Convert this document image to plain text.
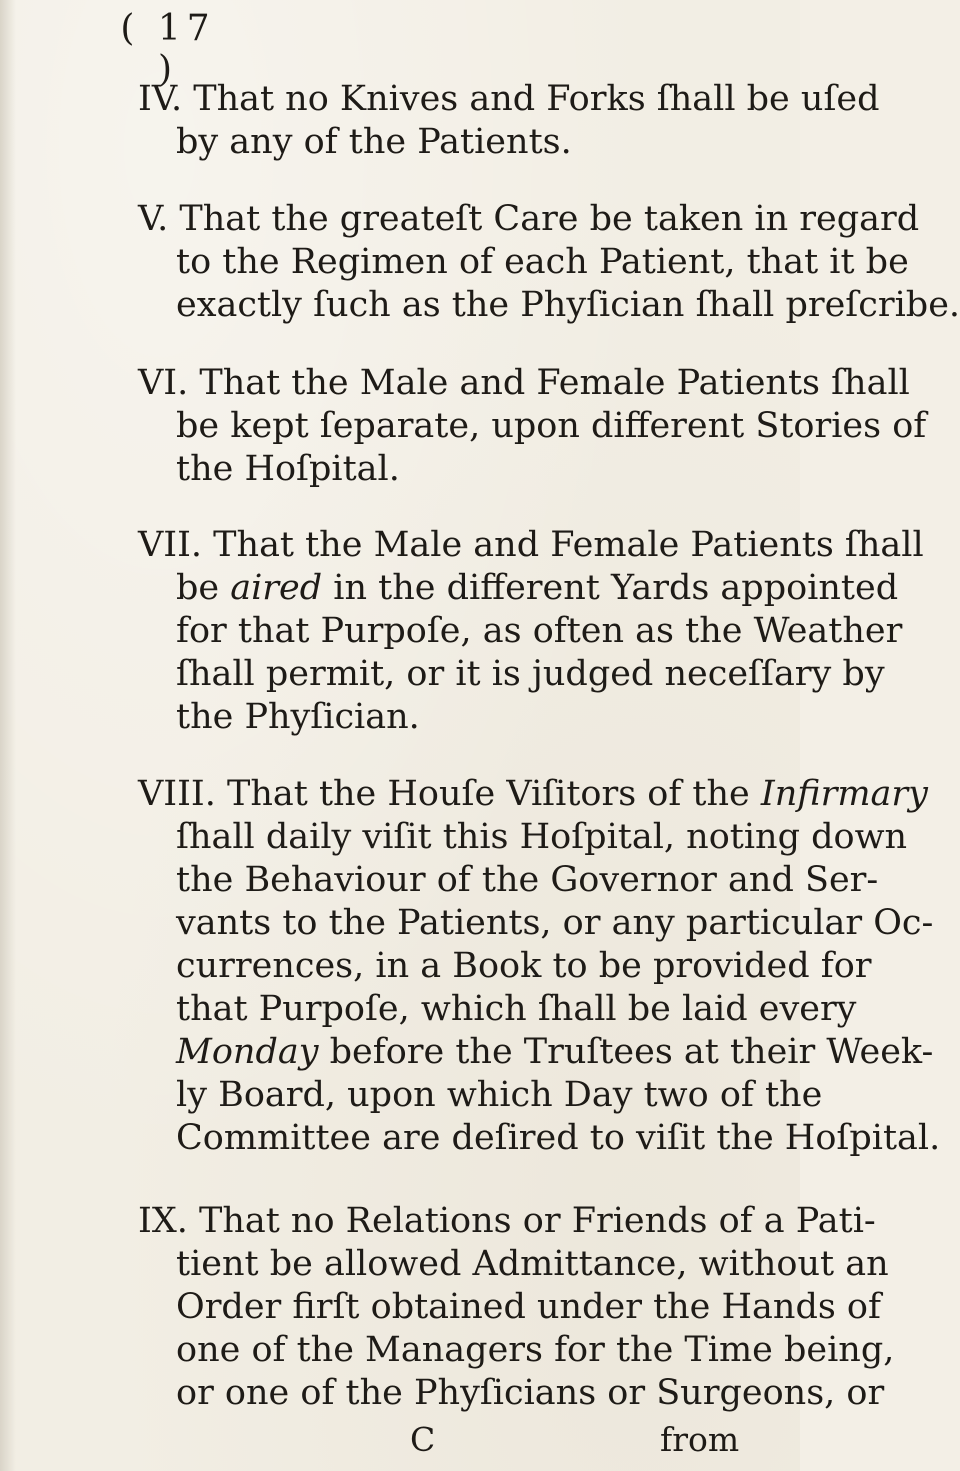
( 17 )

IV. That no Knives and Forks ſhall be uſed
by any of the Patients.

V. That the greateſt Care be taken in regard
to the Regimen of each Patient, that it be
exactly ſuch as the Phyſician ſhall preſcribe.

VI. That the Male and Female Patients ſhall
be kept ſeparate, upon different Stories of
the Hoſpital.

VII. That the Male and Female Patients ſhall
be aired in the different Yards appointed
for that Purpoſe, as often as the Weather
ſhall permit, or it is judged neceſſary by
the Phyſician.

VIII. That the Houſe Viſitors of the Infirmary
ſhall daily viſit this Hoſpital, noting down
the Behaviour of the Governor and Ser-
vants to the Patients, or any particular Oc-
currences, in a Book to be provided for
that Purpoſe, which ſhall be laid every
Monday before the Truſtees at their Week-
ly Board, upon which Day two of the
Committee are deſired to viſit the Hoſpital.

IX. That no Relations or Friends of a Pati-
tient be allowed Admittance, without an
Order firſt obtained under the Hands of
one of the Managers for the Time being,
or one of the Phyſicians or Surgeons, or

C	from
